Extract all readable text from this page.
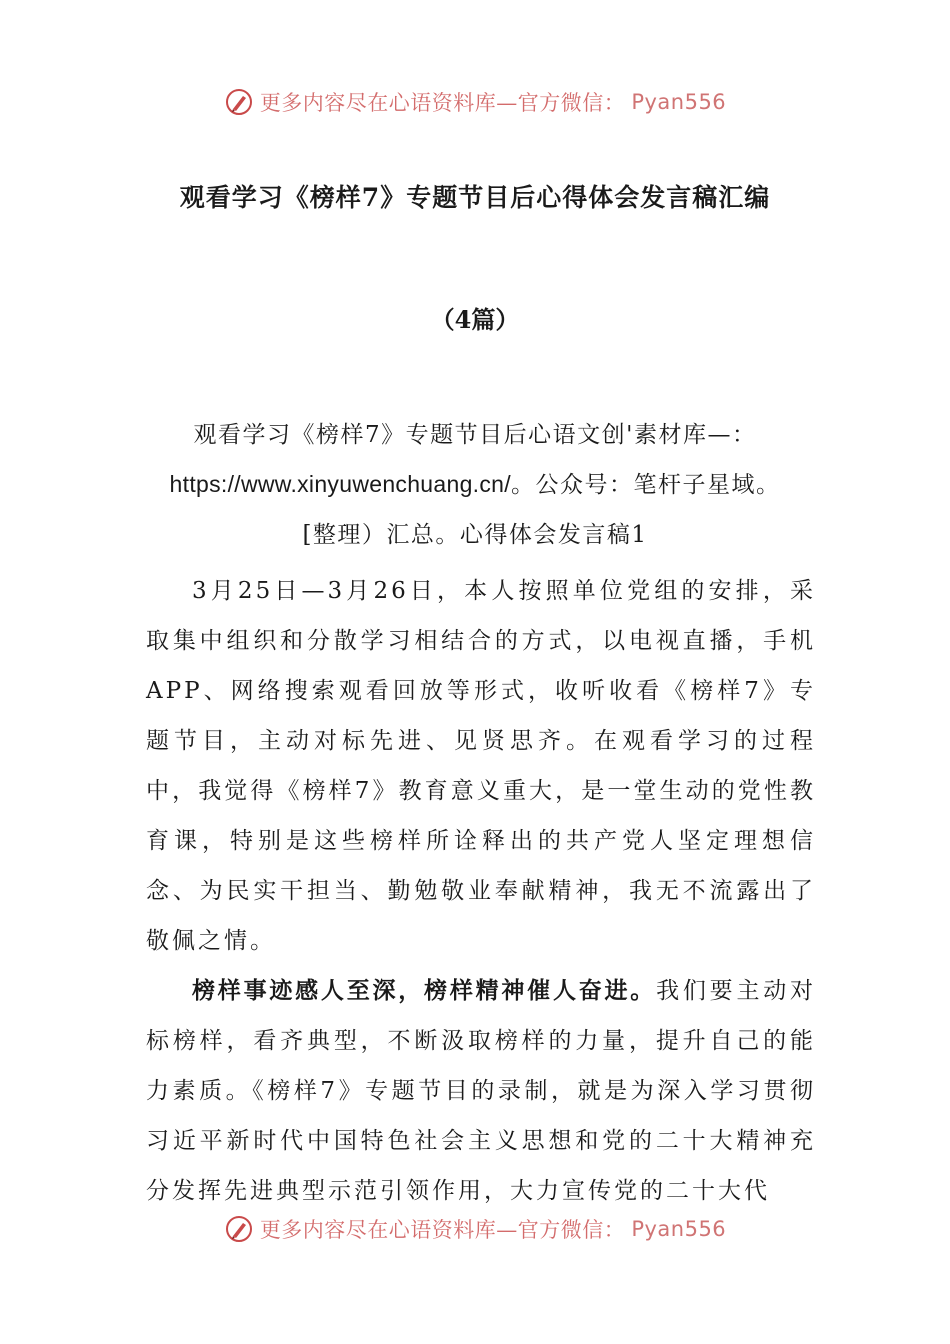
更多内容尽在心语资料库—官方微信： Pyan556
观看学习《榜样7》专题节目后心得体会发言稿汇编
（4篇）
观看学习《榜样7》专题节目后心语文创'素材库—：
https://www.xinyuwenchuang.cn/。公众号：笔杆子星域。
[整理）汇总。心得体会发言稿1

3月25日—3月26日，本人按照单位党组的安排，采取集中组织和分散学习相结合的方式，以电视直播，手机APP、网络搜索观看回放等形式，收听收看《榜样7》专题节目，主动对标先进、见贤思齐。在观看学习的过程中，我觉得《榜样7》教育意义重大，是一堂生动的党性教育课，特别是这些榜样所诠释出的共产党人坚定理想信念、为民实干担当、勤勉敬业奉献精神，我无不流露出了敬佩之情。

榜样事迹感人至深，榜样精神催人奋进。我们要主动对标榜样，看齐典型，不断汲取榜样的力量，提升自己的能力素质。《榜样7》专题节目的录制，就是为深入学习贯彻习近平新时代中国特色社会主义思想和党的二十大精神充分发挥先进典型示范引领作用，大力宣传党的二十大代

更多内容尽在心语资料库—官方微信： Pyan556
